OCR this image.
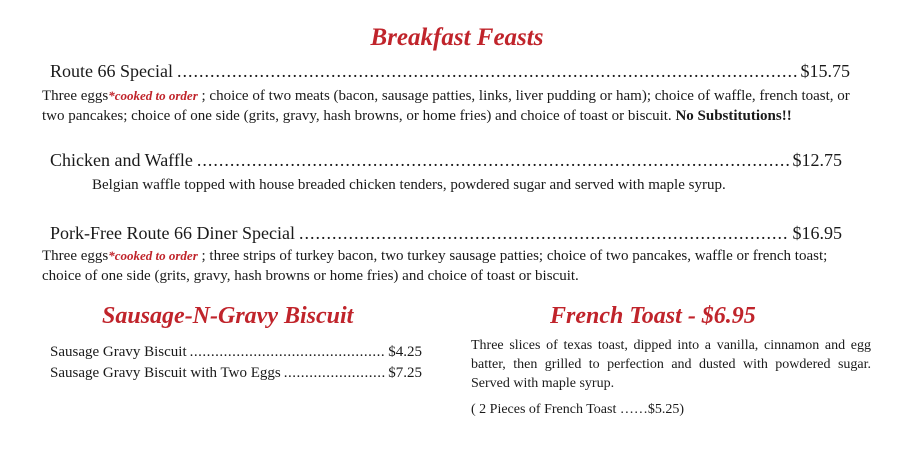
Breakfast Feasts
Route 66 Special .....	$15.75
Three eggs*cooked to order ; choice of two meats (bacon, sausage patties, links, liver pudding or ham); choice of waffle, french toast, or two pancakes; choice of one side (grits, gravy, hash browns, or home fries) and choice of toast or biscuit. No Substitutions!!
Chicken and Waffle .....	$12.75
Belgian waffle topped with house breaded chicken tenders, powdered sugar and served with maple syrup.
Pork-Free Route 66 Diner Special .....	$16.95
Three eggs*cooked to order ; three strips of turkey bacon, two turkey sausage patties; choice of two pancakes, waffle or french toast; choice of one side (grits, gravy, hash browns or home fries) and choice of toast or biscuit.
Sausage-N-Gravy Biscuit
Sausage Gravy Biscuit .....	$4.25
Sausage Gravy Biscuit with Two Eggs .....	$7.25
French Toast - $6.95
Three slices of texas toast, dipped into a vanilla, cinnamon and egg batter, then grilled to perfection and dusted with powdered sugar. Served with maple syrup.
( 2 Pieces of French Toast ……$5.25)
